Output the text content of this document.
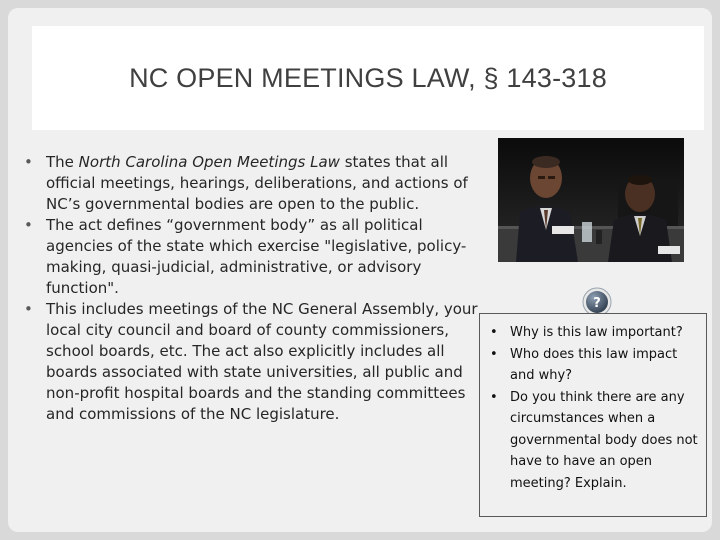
NC OPEN MEETINGS LAW, § 143-318
• The North Carolina Open Meetings Law states that all official meetings, hearings, deliberations, and actions of NC’s governmental bodies are open to the public.
• The act defines “government body” as all political agencies of the state which exercise "legislative, policy-making, quasi-judicial, administrative, or advisory function".
• This includes meetings of the NC General Assembly, your local city council and board of county commissioners, school boards, etc. The act also explicitly includes all boards associated with state universities, all public and non-profit hospital boards and the standing committees and commissions of the NC legislature.
?
• Why is this law important?
• Who does this law impact and why?
• Do you think there are any circumstances when a governmental body does not have to have an open meeting? Explain.
